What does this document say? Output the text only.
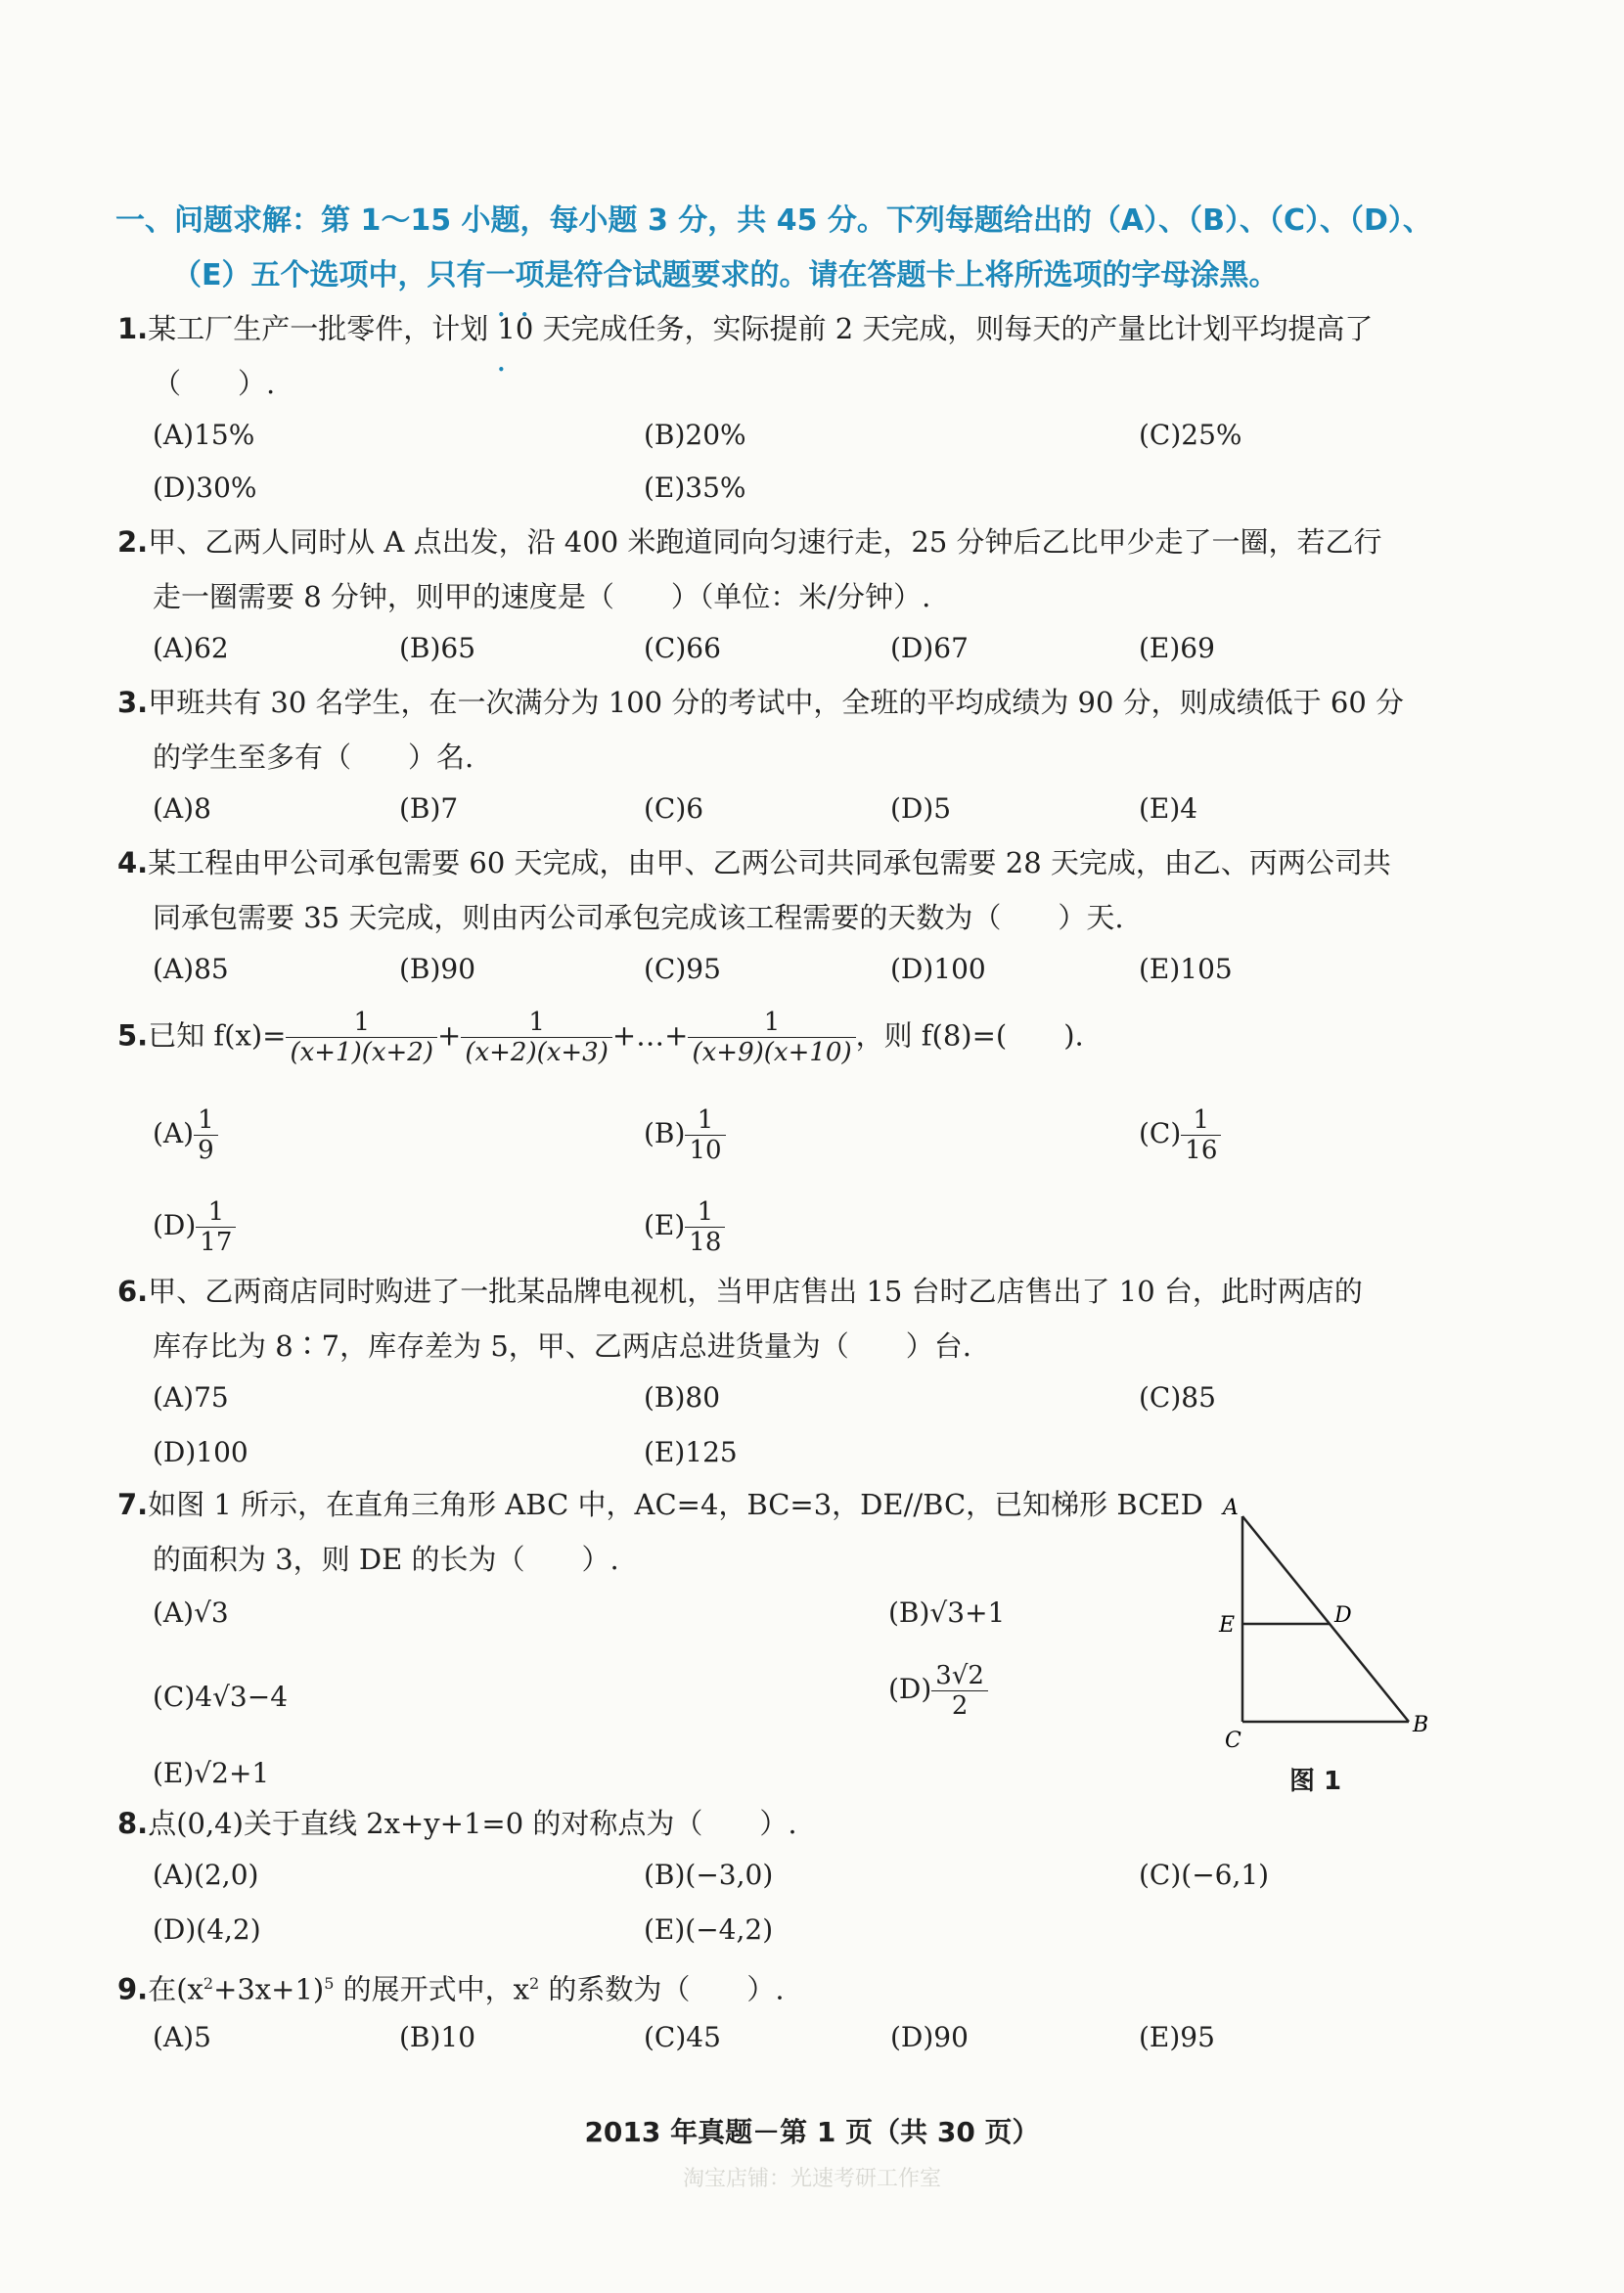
一、问题求解：第 1～15 小题，每小题 3 分，共 45 分。下列每题给出的（A）、（B）、（C）、（D）、
（E）五个选项中，只有一项 • • •是符合试题要求的。请在答题卡上将所选项的字母涂黑。
1.某工厂生产一批零件，计划 10 天完成任务，实际提前 2 天完成，则每天的产量比计划平均提高了
（　　）.
(A)15%	(B)20%	(C)25%
(D)30%	(E)35%
2.甲、乙两人同时从 A 点出发，沿 400 米跑道同向匀速行走，25 分钟后乙比甲少走了一圈，若乙行
走一圈需要 8 分钟，则甲的速度是（　　）（单位：米/分钟）.
(A)62	(B)65	(C)66	(D)67	(E)69
3.甲班共有 30 名学生，在一次满分为 100 分的考试中，全班的平均成绩为 90 分，则成绩低于 60 分
的学生至多有（　　）名.
(A)8	(B)7	(C)6	(D)5	(E)4
4.某工程由甲公司承包需要 60 天完成，由甲、乙两公司共同承包需要 28 天完成，由乙、丙两公司共
同承包需要 35 天完成，则由丙公司承包完成该工程需要的天数为（　　）天.
(A)85	(B)90	(C)95	(D)100	(E)105
5.已知 $f(x)= \frac{1}{(x+1)(x+2)} + \frac{1}{(x+2)(x+3)}$ +…+ $\frac{1}{(x+9)(x+10)}$ ，则 f(8)=(　　).
$(A) \frac{1}{9}$	$(B) \frac{1}{10}$	$(C) \frac{1}{16}$
$(D) \frac{1}{17}$	$(E) \frac{1}{18}$
6.甲、乙两商店同时购进了一批某品牌电视机，当甲店售出 15 台时乙店售出了 10 台，此时两店的
库存比为 8∶7，库存差为 5，甲、乙两店总进货量为（　　）台.
(A)75	(B)80	(C)85
(D)100	(E)125
7.如图 1 所示，在直角三角形 ABC 中，AC=4，BC=3，DE//BC，已知梯形 BCED
的面积为 3，则 DE 的长为（　　）.
(A)√3	(B)√3+1
(C)4√3−4	$(D) \frac{3√2}{2}$
(E)√2+1
A
E	D
C
B
图 1
8.点(0,4)关于直线 2x+y+1=0 的对称点为（　　）.
(A)(2,0)	(B)(−3,0)	(C)(−6,1)
(D)(4,2)	(E)(−4,2)
9.在$(x^2+3x+1)^5$ 的展开式中，$x^2$ 的系数为（　　）.
(A)5	(B)10	(C)45	(D)90	(E)95
2013 年真题－第 1 页（共 30 页）
淘宝店铺：光速考研工作室
